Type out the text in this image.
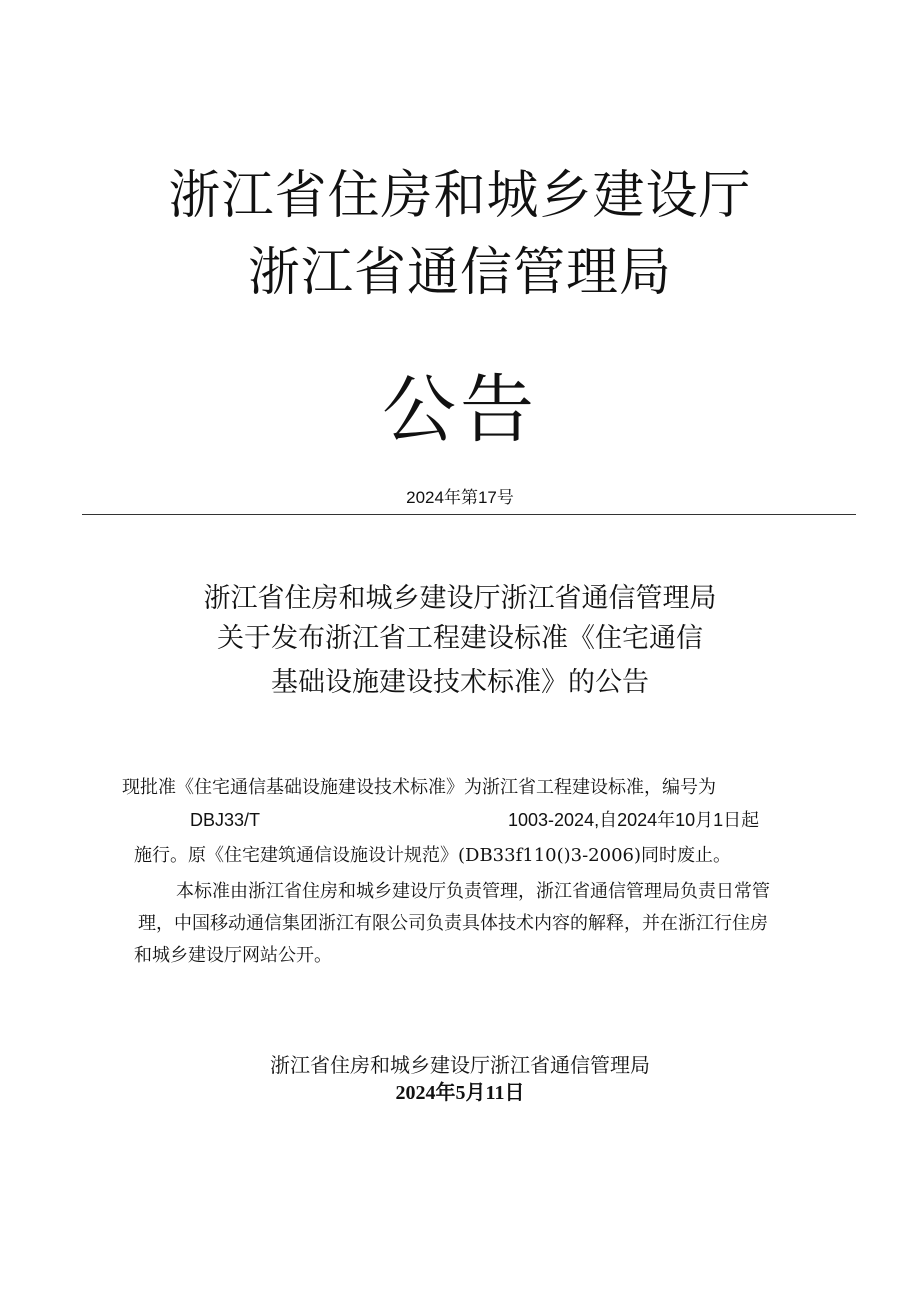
浙江省住房和城乡建设厅
浙江省通信管理局
公告
2024年第17号
浙江省住房和城乡建设厅浙江省通信管理局
关于发布浙江省工程建设标准《住宅通信
基础设施建设技术标准》的公告
现批准《住宅通信基础设施建设技术标准》为浙江省工程建设标准，编号为
DBJ33/T	1003-2024,自2024年10月1日起
施行。原《住宅建筑通信设施设计规范》(DB33f110()3-2006)同时废止。
本标准由浙江省住房和城乡建设厅负责管理，浙江省通信管理局负责日常管
理，中国移动通信集团浙江有限公司负责具体技术内容的解释，并在浙江行住房
和城乡建设厅网站公开。
浙江省住房和城乡建设厅浙江省通信管理局
2024年5月11日
